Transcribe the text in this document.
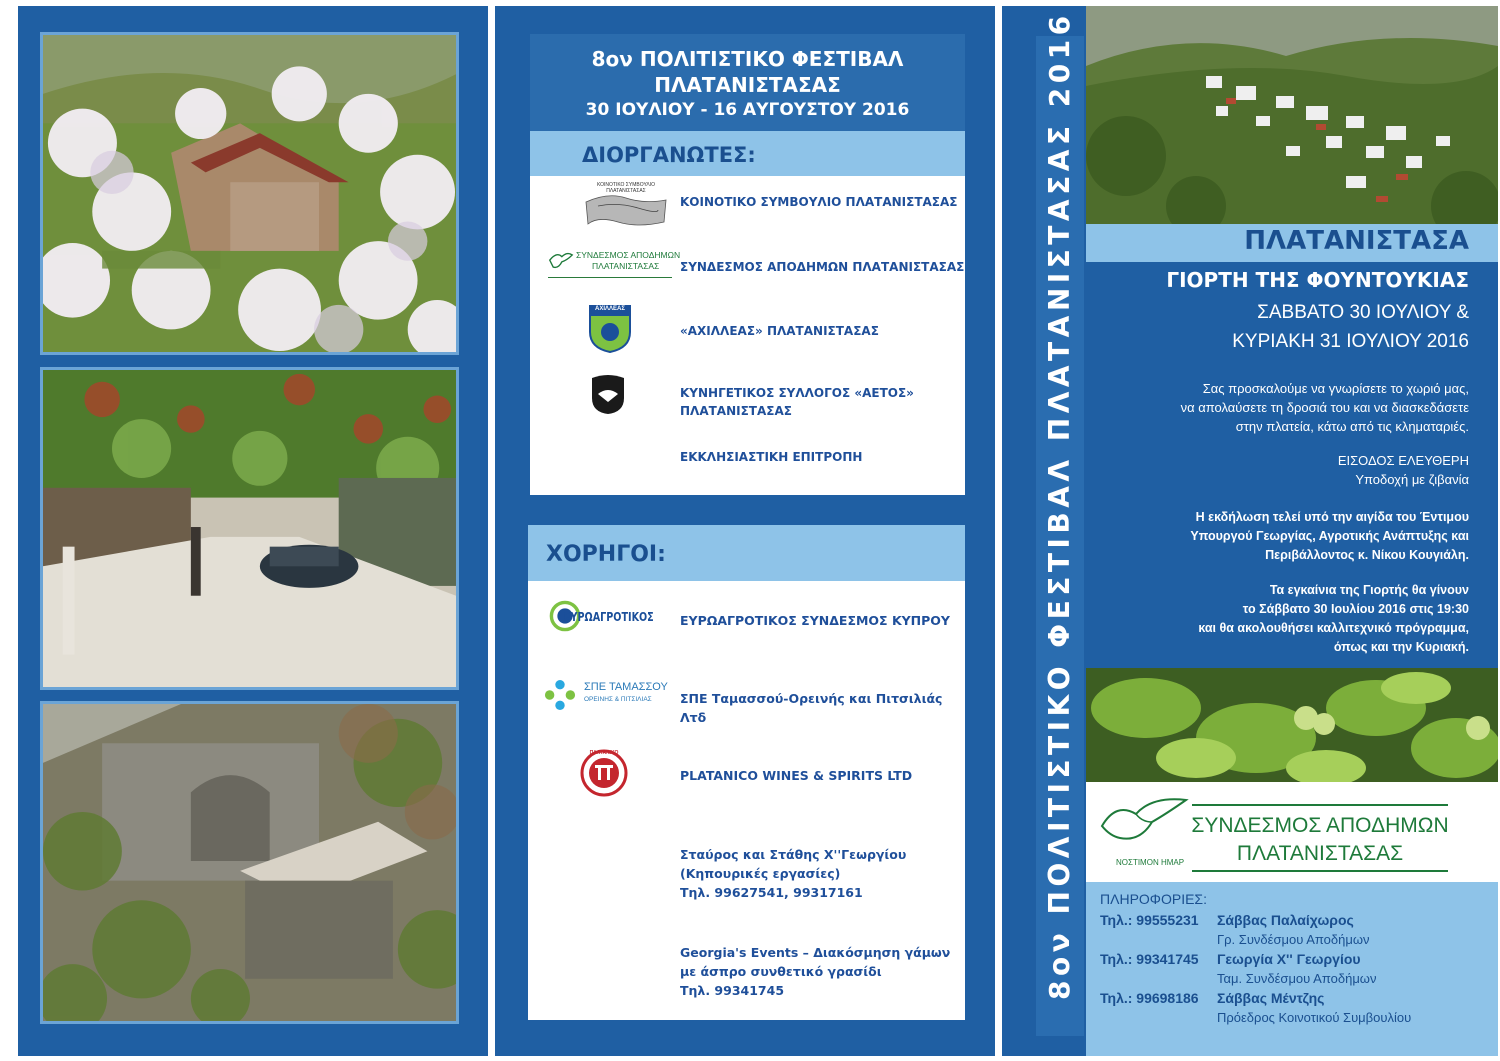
8ον ΠΟΛΙΤΙΣΤΙΚΟ ΦΕΣΤΙΒΑΛ
ΠΛΑΤΑΝΙΣΤΑΣΑΣ
30 ΙΟΥΛΙΟΥ - 16 ΑΥΓΟΥΣΤΟΥ 2016
ΔΙΟΡΓΑΝΩΤΕΣ:
ΚΟΙΝΟΤΙΚΟ ΣΥΜΒΟΥΛΙΟ ΠΛΑΤΑΝΙΣΤΑΣΑΣ
ΚΟΙΝΟΤΙΚΟ ΣΥΜΒΟΥΛΙΟ ΠΛΑΤΑΝΙΣΤΑΣΑΣ
ΣΥΝΔΕΣΜΟΣ ΑΠΟΔΗΜΩΝ
ΠΛΑΤΑΝΙΣΤΑΣΑΣ ΣΥΝΔΕΣΜΟΣ ΑΠΟΔΗΜΩΝ ΠΛΑΤΑΝΙΣΤΑΣΑΣ
ΑΧΙΛΛΕΑΣ
«ΑΧΙΛΛΕΑΣ» ΠΛΑΤΑΝΙΣΤΑΣΑΣ
ΚΥΝΗΓΕΤΙΚΟΣ ΣΥΛΛΟΓΟΣ «ΑΕΤΟΣ»
ΠΛΑΤΑΝΙΣΤΑΣΑΣ
ΕΚΚΛΗΣΙΑΣΤΙΚΗ ΕΠΙΤΡΟΠΗ
ΧΟΡΗΓΟΙ:
ΕΥΡΩΑΓΡΟΤΙΚΟΣ ΕΥΡΩΑΓΡΟΤΙΚΟΣ ΣΥΝΔΕΣΜΟΣ ΚΥΠΡΟΥ
ΣΠΕ ΤΑΜΑΣΣΟΥ
ΟΡΕΙΝΗΣ & ΠΙΤΣΙΛΙΑΣ ΣΠΕ Ταμασσού-Ορεινής και Πιτσιλιάς Λτδ
ΠΛΑΤΑΝΙΚΟ
PLATANICO WINES & SPIRITS LTD
Σταύρος και Στάθης Χ''Γεωργίου
(Κηπουρικές εργασίες)
Τηλ. 99627541, 99317161
Georgia's Events – Διακόσμηση γάμων
με άσπρο συνθετικό γρασίδι
Τηλ. 99341745	8ον ΠΟΛΙΤΙΣΤΙΚΟ ΦΕΣΤΙΒΑΛ ΠΛΑΤΑΝΙΣΤΑΣΑΣ 2016	ΠΛΑΤΑΝΙΣΤΑΣΑ
ΓΙΟΡΤΗ ΤΗΣ ΦΟΥΝΤΟΥΚΙΑΣ
ΣΑΒΒΑΤΟ 30 ΙΟΥΛΙΟΥ &
ΚΥΡΙΑΚΗ 31 ΙΟΥΛΙΟΥ 2016
Σας προσκαλούμε να γνωρίσετε το χωριό μας,
να απολαύσετε τη δροσιά του και να διασκεδάσετε
στην πλατεία, κάτω από τις κληματαριές.
ΕΙΣΟΔΟΣ ΕΛΕΥΘΕΡΗ
Υποδοχή με ζιβανία
Η εκδήλωση τελεί υπό την αιγίδα του Έντιμου
Υπουργού Γεωργίας, Αγροτικής Ανάπτυξης και
Περιβάλλοντος κ. Νίκου Κουγιάλη.
Τα εγκαίνια της Γιορτής θα γίνουν
το Σάββατο 30 Ιουλίου 2016 στις 19:30
και θα ακολουθήσει καλλιτεχνικό πρόγραμμα,
όπως και την Κυριακή.
ΝΟΣΤΙΜΟΝ ΗΜΑΡ
ΣΥΝΔΕΣΜΟΣ ΑΠΟΔΗΜΩΝ
ΠΛΑΤΑΝΙΣΤΑΣΑΣ
ΠΛΗΡΟΦΟΡΙΕΣ:
Τηλ.: 99555231 Σάββας Παλαίχωρος
Γρ. Συνδέσμου Αποδήμων
Τηλ.: 99341745 Γεωργία Χ'' Γεωργίου
Ταμ. Συνδέσμου Αποδήμων
Τηλ.: 99698186 Σάββας Μέντζης
Πρόεδρος Κοινοτικού Συμβουλίου
